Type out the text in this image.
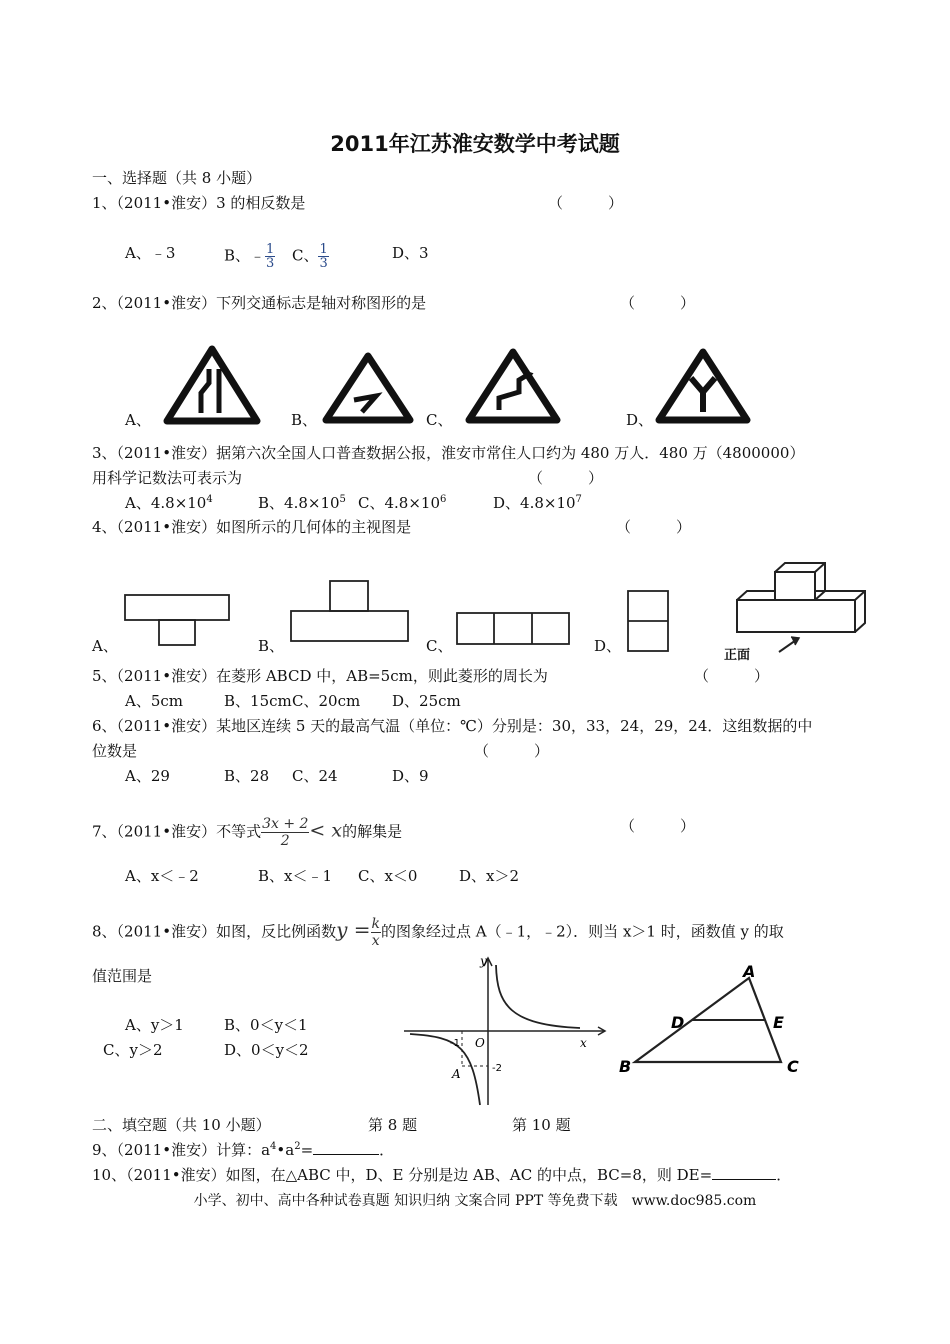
2011年江苏淮安数学中考试题
一、选择题（共 8 小题）
1、（2011•淮安）3 的相反数是	（　　　）
A、﹣3	B、﹣ $\frac{1}{3}$ C、 $\frac{1}{3}$	D、3
2、（2011•淮安）下列交通标志是轴对称图形的是	（　　　）
A、	B、	C、	D、
3、（2011•淮安）据第六次全国人口普查数据公报，淮安市常住人口约为 480 万人．480 万（4800000）
用科学记数法可表示为	（　　　）
A、$4.8\times 10^4$	B、$4.8\times 10^5$ C、$4.8\times 10^6$	D、$4.8\times 10^7$
4、（2011•淮安）如图所示的几何体的主视图是	（　　　）
A、	B、	C、	D、
正面
5、（2011•淮安）在菱形 ABCD 中，AB=5cm，则此菱形的周长为	（　　　）
A、5cm	B、15cm C、20cm D、25cm
6、（2011•淮安）某地区连续 5 天的最高气温（单位：℃）分别是：30，33，24，29，24．这组数据的中
位数是	（　　　）
A、29	B、28 C、24	D、9
7、（2011•淮安）不等式 $\frac{3x + 2}{2} < x$的解集是	（　　　）
A、x＜﹣2	B、x＜﹣1 C、x＜0	D、x＞2
8、（2011•淮安）如图，反比例函数$y = \frac{k}{x}$ 的图象经过点 A（﹣1，﹣2）．则当 x＞1 时，函数值 y 的取
值范围是
A、y＞1	B、0＜y＜1
C、y＞2	D、0＜y＜2
y
x
O
-1
-2
A
A
B	C
D	E
二、填空题（共 10 小题）	第 8 题	第 10 题
9、（2011•淮安）计算：$a^4•a^2=$	．
10、（2011•淮安）如图，在△ABC 中，D、E 分别是边 AB、AC 的中点，BC=8，则 DE=	．
小学、初中、高中各种试卷真题 知识归纳 文案合同 PPT 等免费下载　www.doc985.com
